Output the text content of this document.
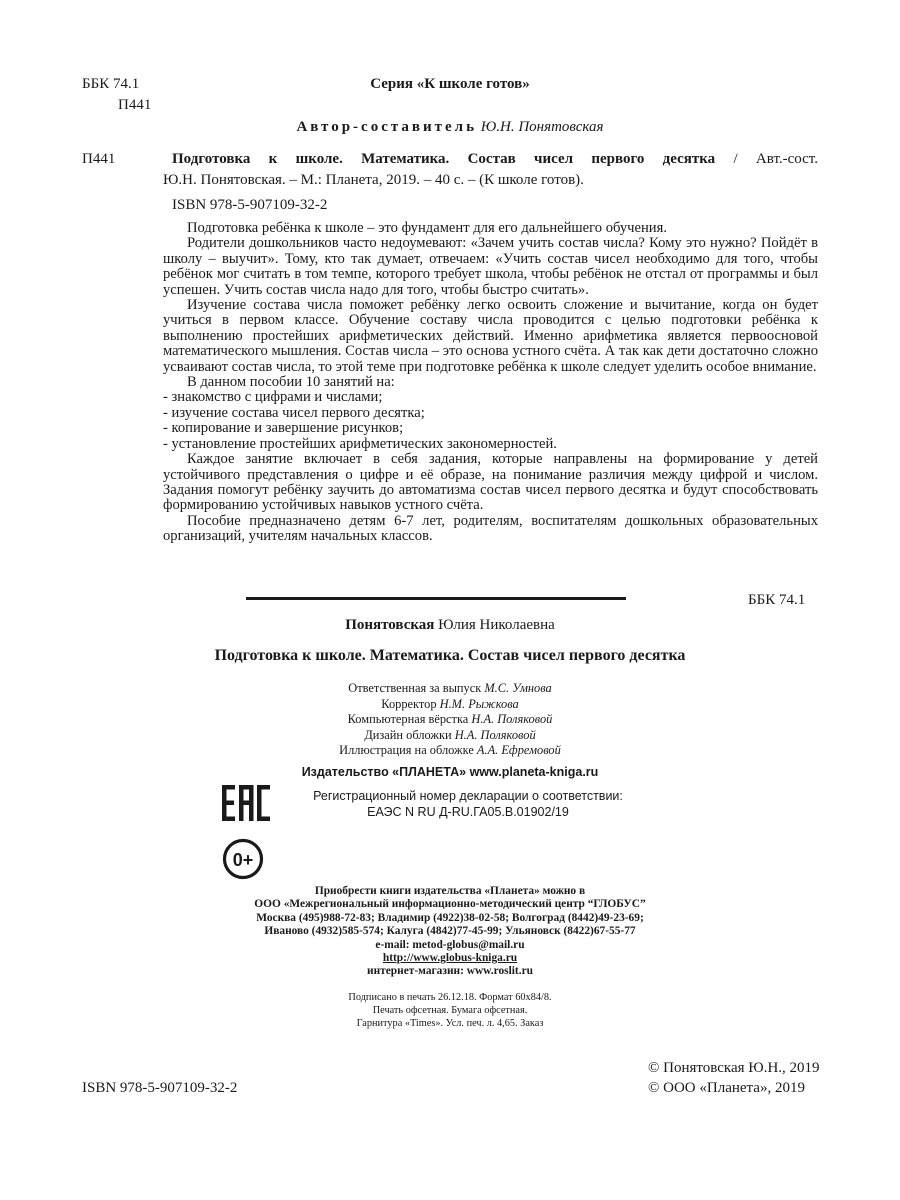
ББК 74.1
П441
Серия «К школе готов»
Автор-составитель Ю.Н. Понятовская
П441	Подготовка к школе. Математика. Состав чисел первого десятка / Авт.-сост.
Ю.Н. Понятовская. – М.: Планета, 2019. – 40 с. – (К школе готов).
ISBN 978-5-907109-32-2

Подготовка ребёнка к школе – это фундамент для его дальнейшего обучения.

Родители дошкольников часто недоумевают: «Зачем учить состав числа? Кому это нужно? Пойдёт в школу – выучит». Тому, кто так думает, отвечаем: «Учить состав чисел необходимо для того, чтобы ребёнок мог считать в том темпе, которого требует школа, чтобы ребёнок не отстал от программы и был успешен. Учить состав числа надо для того, чтобы быстро считать».

Изучение состава числа поможет ребёнку легко освоить сложение и вычитание, когда он будет учиться в первом классе. Обучение составу числа проводится с целью подготовки ребёнка к выполнению простейших арифметических действий. Именно арифметика является первоосновой математического мышления. Состав числа – это основа устного счёта. А так как дети достаточно сложно усваивают состав числа, то этой теме при подготовке ребёнка к школе следует уделить особое внимание.

В данном пособии 10 занятий на:

- знакомство с цифрами и числами;

- изучение состава чисел первого десятка;

- копирование и завершение рисунков;

- установление простейших арифметических закономерностей.

Каждое занятие включает в себя задания, которые направлены на формирование у детей устойчивого представления о цифре и её образе, на понимание различия между цифрой и числом. Задания помогут ребёнку заучить до автоматизма состав чисел первого десятка и будут способствовать формированию устойчивых навыков устного счёта.

Пособие предназначено детям 6-7 лет, родителям, воспитателям дошкольных образовательных организаций, учителям начальных классов.

ББК 74.1
Понятовская Юлия Николаевна
Подготовка к школе. Математика. Состав чисел первого десятка
Ответственная за выпуск М.С. Умнова
Корректор Н.М. Рыжкова
Компьютерная вёрстка Н.А. Поляковой
Дизайн обложки Н.А. Поляковой
Иллюстрация на обложке А.А. Ефремовой
Издательство «ПЛАНЕТА» www.planeta-kniga.ru
Регистрационный номер декларации о соответствии:
ЕАЭС N RU Д-RU.ГА05.В.01902/19
0+
Приобрести книги издательства «Планета» можно в
ООО «Межрегиональный информационно-методический центр “ГЛОБУС”
Москва (495)988-72-83; Владимир (4922)38-02-58; Волгоград (8442)49-23-69;
Иваново (4932)585-574; Калуга (4842)77-45-99; Ульяновск (8422)67-55-77
e-mail: metod-globus@mail.ru
http://www.globus-kniga.ru
интернет-магазин: www.roslit.ru
Подписано в печать 26.12.18. Формат 60x84/8.
Печать офсетная. Бумага офсетная.
Гарнитура «Times». Усл. печ. л. 4,65. Заказ
© Понятовская Ю.Н., 2019
ISBN 978-5-907109-32-2	© ООО «Планета», 2019
